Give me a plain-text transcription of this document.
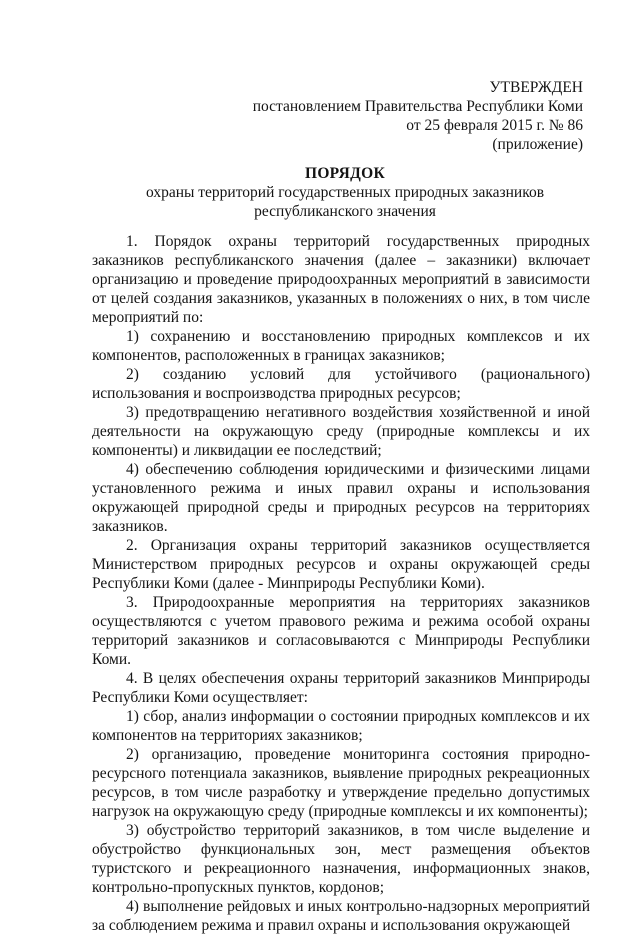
УТВЕРЖДЕН
постановлением Правительства Республики Коми
от 25 февраля 2015 г. № 86
(приложение)
ПОРЯДОК
охраны территорий государственных природных заказников
республиканского значения

1. Порядок охраны территорий государственных природных заказников республиканского значения (далее – заказники) включает организацию и проведение природоохранных мероприятий в зависимости от целей создания заказников, указанных в положениях о них, в том числе мероприятий по:

1) сохранению и восстановлению природных комплексов и их компонентов, расположенных в границах заказников;

2) созданию условий для устойчивого (рационального) использования и воспроизводства природных ресурсов;

3) предотвращению негативного воздействия хозяйственной и иной деятельности на окружающую среду (природные комплексы и их компоненты) и ликвидации ее последствий;

4) обеспечению соблюдения юридическими и физическими лицами установленного режима и иных правил охраны и использования окружающей природной среды и природных ресурсов на территориях заказников.

2. Организация охраны территорий заказников осуществляется Министерством природных ресурсов и охраны окружающей среды Республики Коми (далее - Минприроды Республики Коми).

3. Природоохранные мероприятия на территориях заказников осуществляются с учетом правового режима и режима особой охраны территорий заказников и согласовываются с Минприроды Республики Коми.

4. В целях обеспечения охраны территорий заказников Минприроды Республики Коми осуществляет:

1) сбор, анализ информации о состоянии природных комплексов и их компонентов на территориях заказников;

2) организацию, проведение мониторинга состояния природно-ресурсного потенциала заказников, выявление природных рекреационных ресурсов, в том числе разработку и утверждение предельно допустимых нагрузок на окружающую среду (природные комплексы и их компоненты);

3) обустройство территорий заказников, в том числе выделение и обустройство функциональных зон, мест размещения объектов туристского и рекреационного назначения, информационных знаков, контрольно-пропускных пунктов, кордонов;

4) выполнение рейдовых и иных контрольно-надзорных мероприятий за соблюдением режима и правил охраны и использования окружающей
